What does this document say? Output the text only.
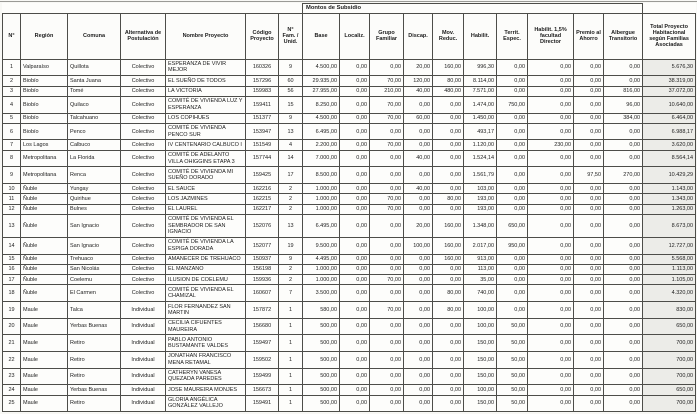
							Montos de Subsidio										
N°	Región	Comuna	Alternativa de Postulación	Nombre Proyecto	Código Proyecto	N° Fam. / Unid.	Base	Localiz.	Grupo Familiar	Discap.	Mov. Reduc.	Habilit.	Territ. Espec.	Habilit. 1,5% facultad Director	Premio al Ahorro	Albergue Transitorio	Total Proyecto Habitacional según Familias Asociadas
1	Valparaíso	Quillota	Colectivo	ESPERANZA DE VIVIR MEJOR	160326	9	4.500,00	0,00	0,00	20,00	160,00	996,30	0,00	0,00	0,00	0,00	5.676,30
2	Biobío	Santa Juana	Colectivo	EL SUEÑO DE TODOS	157296	60	29.935,00	0,00	70,00	120,00	80,00	8.114,00	0,00	0,00	0,00	0,00	38.319,00
3	Biobío	Tomé	Colectivo	LA VICTORIA	159983	56	27.955,00	0,00	210,00	40,00	480,00	7.571,00	0,00	0,00	0,00	816,00	37.072,00
4	Biobío	Quilaco	Colectivo	COMITÉ DE VIVIENDA LUZ Y ESPERANZA	159411	15	8.250,00	0,00	70,00	0,00	0,00	1.474,00	750,00	0,00	0,00	96,00	10.640,00
5	Biobío	Talcahuano	Colectivo	LOS COPIHUES	151377	9	4.500,00	0,00	70,00	60,00	0,00	1.450,00	0,00	0,00	0,00	384,00	6.464,00
6	Biobío	Penco	Colectivo	COMITÉ DE VIVIENDA PENCO SUR	153947	13	6.495,00	0,00	0,00	0,00	0,00	493,17	0,00	0,00	0,00	0,00	6.988,17
7	Los Lagos	Calbuco	Colectivo	IV CENTENARIO CALBUCO I	151549	4	2.200,00	0,00	70,00	0,00	0,00	1.120,00	0,00	230,00	0,00	0,00	3.620,00
8	Metropolitana	La Florida	Colectivo	COMITÉ DE ADELANTO VILLA OHIGGINS ETAPA 3	157744	14	7.000,00	0,00	0,00	40,00	0,00	1.524,14	0,00	0,00	0,00	0,00	8.564,14
9	Metropolitana	Renca	Colectivo	COMITÉ DE VIVIENDA MI SUEÑO DORADO	159425	17	8.500,00	0,00	0,00	0,00	0,00	1.561,79	0,00	0,00	97,50	270,00	10.429,29
10	Ñuble	Yungay	Colectivo	EL SAUCE	162216	2	1.000,00	0,00	0,00	40,00	0,00	103,00	0,00	0,00	0,00	0,00	1.143,00
11	Ñuble	Quirihue	Colectivo	LOS JAZMINES	162215	2	1.000,00	0,00	70,00	0,00	80,00	193,00	0,00	0,00	0,00	0,00	1.343,00
12	Ñuble	Bulnes	Colectivo	EL LAUREL	162217	2	1.000,00	0,00	70,00	0,00	0,00	193,00	0,00	0,00	0,00	0,00	1.263,00
13	Ñuble	San Ignacio	Colectivo	COMITÉ DE VIVIENDA EL SEMBRADOR DE SAN IGNACIO	152076	13	6.495,00	0,00	0,00	20,00	160,00	1.348,00	650,00	0,00	0,00	0,00	8.673,00
14	Ñuble	San Ignacio	Colectivo	COMITÉ DE VIVIENDA LA ESPIGA DORADA	152077	19	9.500,00	0,00	0,00	100,00	160,00	2.017,00	950,00	0,00	0,00	0,00	12.727,00
15	Ñuble	Trehuaco	Colectivo	AMANECER DE TREHUACO	150937	9	4.495,00	0,00	0,00	0,00	160,00	913,00	0,00	0,00	0,00	0,00	5.568,00
16	Ñuble	San Nicolás	Colectivo	EL MANZANO	156198	2	1.000,00	0,00	0,00	0,00	0,00	113,00	0,00	0,00	0,00	0,00	1.113,00
17	Ñuble	Coelemu	Colectivo	ILUSION DE COELEMU	159936	2	1.000,00	0,00	70,00	0,00	0,00	35,00	0,00	0,00	0,00	0,00	1.105,00
18	Ñuble	El Carmen	Colectivo	COMITÉ DE VIVIENDA EL CHAMIZAL	160607	7	3.500,00	0,00	0,00	0,00	80,00	740,00	0,00	0,00	0,00	0,00	4.320,00
19	Maule	Talca	Individual	FLOR FERNANDEZ SAN MARTIN	157872	1	580,00	0,00	70,00	0,00	80,00	100,00	0,00	0,00	0,00	0,00	830,00
20	Maule	Yerbas Buenas	Individual	CECILIA CIFUENTES MAUREIRA	156680	1	500,00	0,00	0,00	0,00	0,00	100,00	50,00	0,00	0,00	0,00	650,00
21	Maule	Retiro	Individual	PABLO ANTONIO BUSTAMANTE VALDES	159497	1	500,00	0,00	0,00	0,00	0,00	150,00	50,00	0,00	0,00	0,00	700,00
22	Maule	Retiro	Individual	JONATHAN FRANCISCO MENA RETAMAL	159502	1	500,00	0,00	0,00	0,00	0,00	150,00	50,00	0,00	0,00	0,00	700,00
23	Maule	Retiro	Individual	CATHERYN VANESA QUEZADA PAREDES	159499	1	500,00	0,00	0,00	0,00	0,00	150,00	50,00	0,00	0,00	0,00	700,00
24	Maule	Yerbas Buenas	Individual	JOSE MAUREIRA MONJES	156673	1	500,00	0,00	0,00	0,00	0,00	100,00	50,00	0,00	0,00	0,00	650,00
25	Maule	Retiro	Individual	GLORIA ANGÉLICA GONZÁLEZ VALLEJO	159491	1	500,00	0,00	0,00	0,00	0,00	150,00	50,00	0,00	0,00	0,00	700,00
